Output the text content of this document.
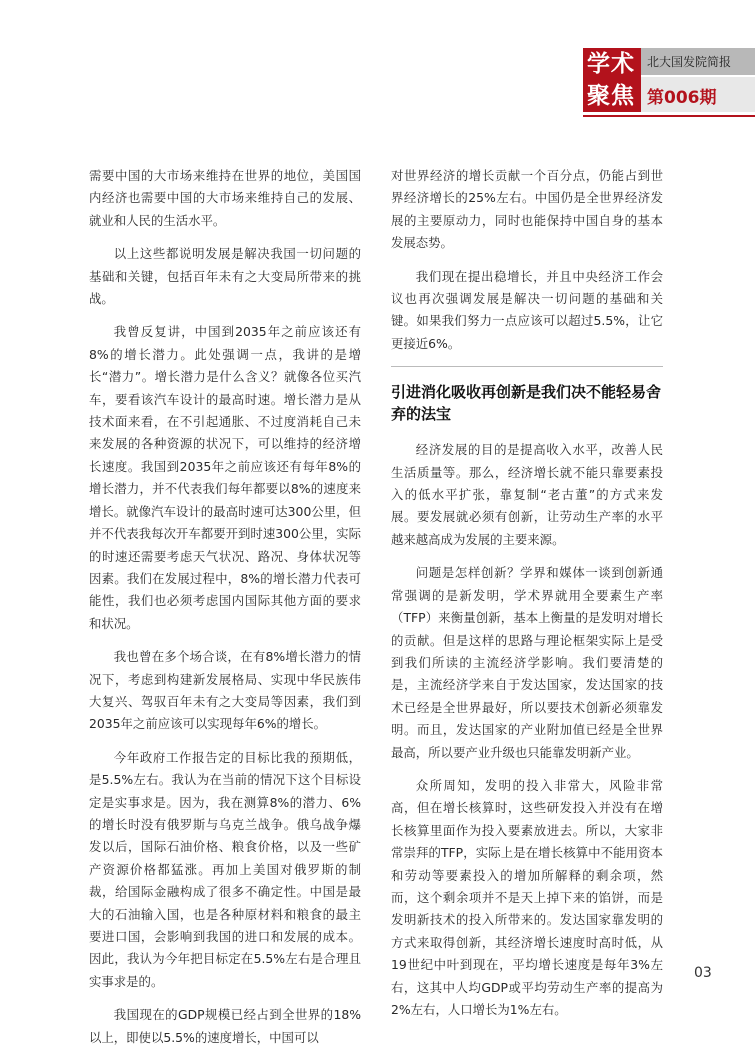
学术
聚焦
北大国发院简报
第006期

需要中国的大市场来维持在世界的地位，美国国内经济也需要中国的大市场来维持自己的发展、就业和人民的生活水平。

以上这些都说明发展是解决我国一切问题的基础和关键，包括百年未有之大变局所带来的挑战。

我曾反复讲，中国到2035年之前应该还有8%的增长潜力。此处强调一点，我讲的是增长“潜力”。增长潜力是什么含义？就像各位买汽车，要看该汽车设计的最高时速。增长潜力是从技术面来看，在不引起通胀、不过度消耗自己未来发展的各种资源的状况下，可以维持的经济增长速度。我国到2035年之前应该还有每年8%的增长潜力，并不代表我们每年都要以8%的速度来增长。就像汽车设计的最高时速可达300公里，但并不代表我每次开车都要开到时速300公里，实际的时速还需要考虑天气状况、路况、身体状况等因素。我们在发展过程中，8%的增长潜力代表可能性，我们也必须考虑国内国际其他方面的要求和状况。

我也曾在多个场合谈，在有8%增长潜力的情况下，考虑到构建新发展格局、实现中华民族伟大复兴、驾驭百年未有之大变局等因素，我们到2035年之前应该可以实现每年6%的增长。

今年政府工作报告定的目标比我的预期低，是5.5%左右。我认为在当前的情况下这个目标设定是实事求是。因为，我在测算8%的潜力、6%的增长时没有俄罗斯与乌克兰战争。俄乌战争爆发以后，国际石油价格、粮食价格，以及一些矿产资源价格都猛涨。再加上美国对俄罗斯的制裁，给国际金融构成了很多不确定性。中国是最大的石油输入国，也是各种原材料和粮食的最主要进口国，会影响到我国的进口和发展的成本。因此，我认为今年把目标定在5.5%左右是合理且实事求是的。

我国现在的GDP规模已经占到全世界的18%以上，即使以5.5%的速度增长，中国可以

对世界经济的增长贡献一个百分点，仍能占到世界经济增长的25%左右。中国仍是全世界经济发展的主要原动力，同时也能保持中国自身的基本发展态势。

我们现在提出稳增长，并且中央经济工作会议也再次强调发展是解决一切问题的基础和关键。如果我们努力一点应该可以超过5.5%，让它更接近6%。

引进消化吸收再创新是我们决不能轻易舍弃的法宝

经济发展的目的是提高收入水平，改善人民生活质量等。那么，经济增长就不能只靠要素投入的低水平扩张，靠复制“老古董”的方式来发展。要发展就必须有创新，让劳动生产率的水平越来越高成为发展的主要来源。

问题是怎样创新？学界和媒体一谈到创新通常强调的是新发明，学术界就用全要素生产率（TFP）来衡量创新，基本上衡量的是发明对增长的贡献。但是这样的思路与理论框架实际上是受到我们所读的主流经济学影响。我们要清楚的是，主流经济学来自于发达国家，发达国家的技术已经是全世界最好，所以要技术创新必须靠发明。而且，发达国家的产业附加值已经是全世界最高，所以要产业升级也只能靠发明新产业。

众所周知，发明的投入非常大，风险非常高，但在增长核算时，这些研发投入并没有在增长核算里面作为投入要素放进去。所以，大家非常崇拜的TFP，实际上是在增长核算中不能用资本和劳动等要素投入的增加所解释的剩余项，然而，这个剩余项并不是天上掉下来的馅饼，而是发明新技术的投入所带来的。发达国家靠发明的方式来取得创新，其经济增长速度时高时低，从19世纪中叶到现在，平均增长速度是每年3%左右，这其中人均GDP或平均劳动生产率的提高为2%左右，人口增长为1%左右。

03
